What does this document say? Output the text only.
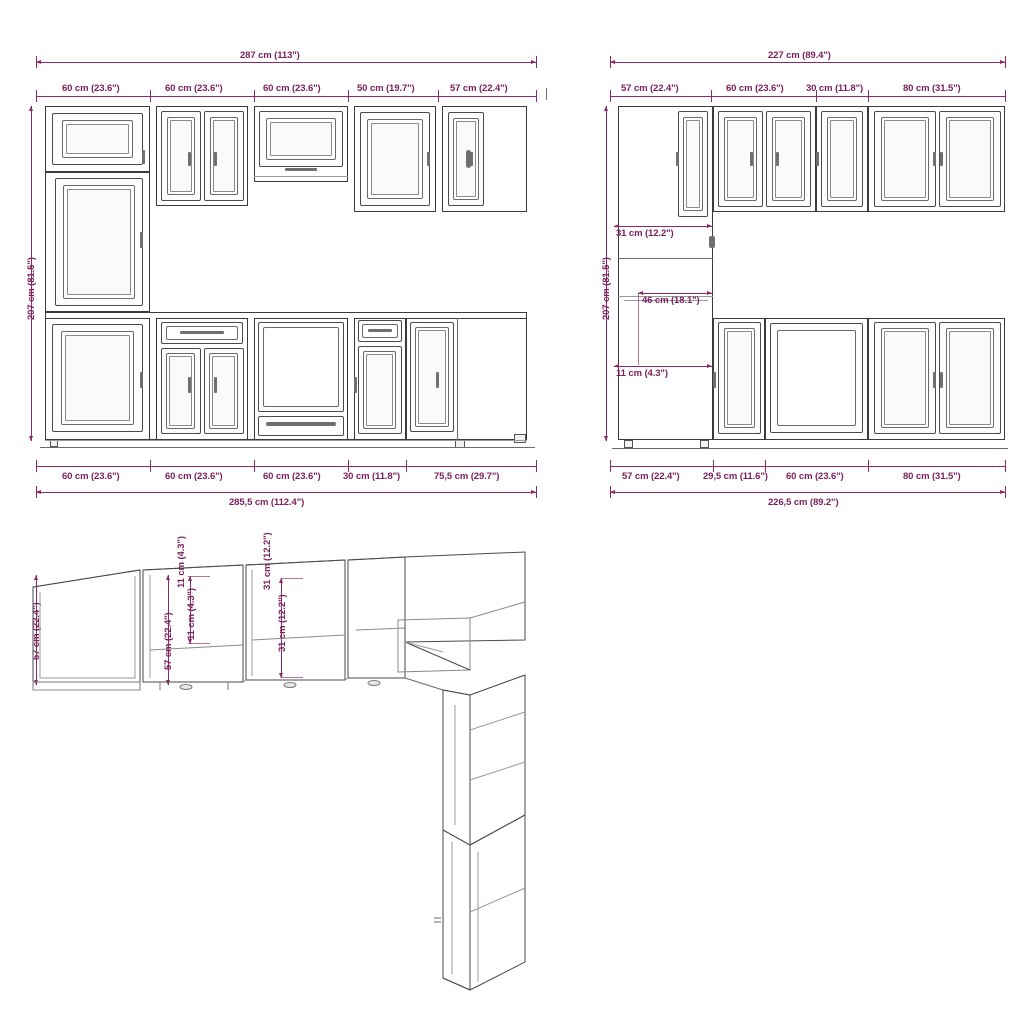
287 cm (113")
60 cm (23.6")	60 cm (23.6")	60 cm (23.6")	50 cm (19.7")	57 cm (22.4")
207 cm (81.5")
60 cm (23.6")	60 cm (23.6")	60 cm (23.6") 30 cm (11.8")	75,5 cm (29.7")
285,5 cm (112.4")
227 cm (89.4")
57 cm (22.4")	60 cm (23.6") 30 cm (11.8")	80 cm (31.5")
207 cm (81.5")
31 cm (12.2")
46 cm (18.1")
11 cm (4.3")
57 cm (22.4") 29,5 cm (11.6") 60 cm (23.6")	80 cm (31.5")
226,5 cm (89.2")
57 cm (22.4")	11 cm (4.3")
11 cm (4.3")
57 cm (22.4")	31 cm (12.2")
31 cm (12.2")
